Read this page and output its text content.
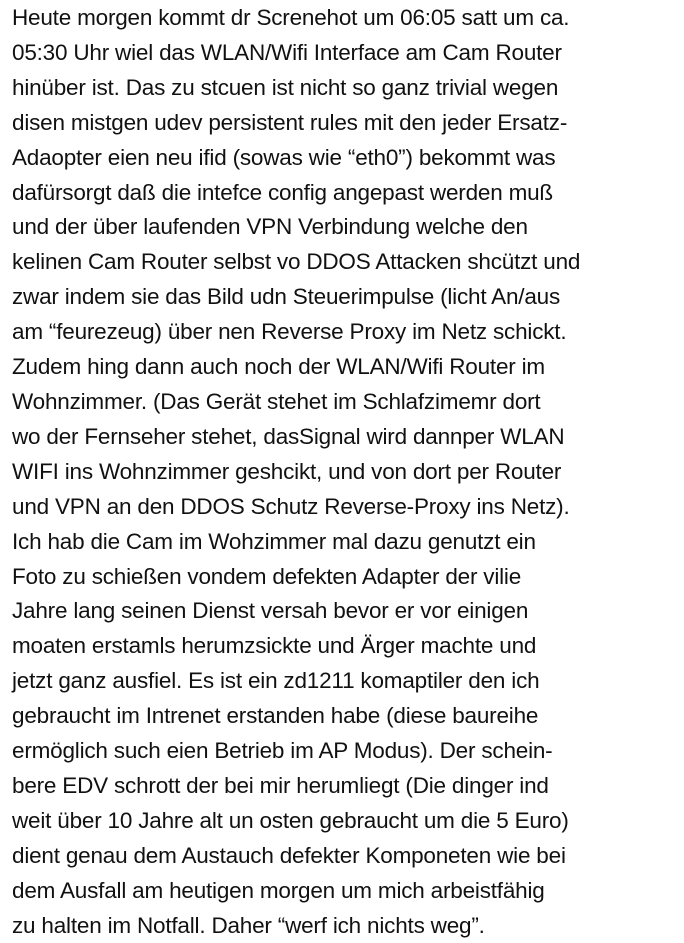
Heute morgen kommt dr Screnehot um 06:05 satt um ca.
05:30 Uhr wiel das WLAN/Wifi Interface am Cam Router
hinüber ist. Das zu stcuen ist nicht so ganz trivial wegen
disen mistgen udev persistent rules mit den jeder Ersatz-
Adaopter eien neu ifid (sowas wie “eth0”) bekommt was
dafürsorgt daß die intefce config angepast werden muß
und der über laufenden VPN Verbindung welche den
kelinen Cam Router selbst vo DDOS Attacken shcützt und
zwar indem sie das Bild udn Steuerimpulse (licht An/aus
am “feurezeug) über nen Reverse Proxy im Netz schickt.
Zudem hing dann auch noch der WLAN/Wifi Router im
Wohnzimmer. (Das Gerät stehet im Schlafzimemr dort
wo der Fernseher stehet, dasSignal wird dannper WLAN
WIFI ins Wohnzimmer geshcikt, und von dort per Router
und VPN an den DDOS Schutz Reverse-Proxy ins Netz).
Ich hab die Cam im Wohzimmer mal dazu genutzt ein
Foto zu schießen vondem defekten Adapter der vilie
Jahre lang seinen Dienst versah bevor er vor einigen
moaten erstamls herumzsickte und Ärger machte und
jetzt ganz ausfiel. Es ist ein zd1211 komaptiler den ich
gebraucht im Intrenet erstanden habe (diese baureihe
ermöglich such eien Betrieb im AP Modus). Der schein-
bere EDV schrott der bei mir herumliegt (Die dinger ind
weit über 10 Jahre alt un osten gebraucht um die 5 Euro)
dient genau dem Austauch defekter Komponeten wie bei
dem Ausfall am heutigen morgen um mich arbeistfähig
zu halten im Notfall. Daher “werf ich nichts weg”.
